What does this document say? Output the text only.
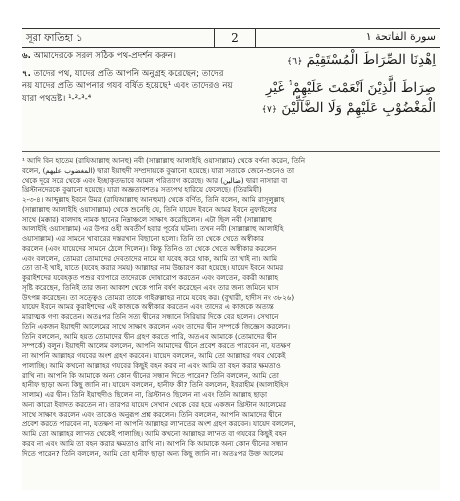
সূরা ফাতিহা ১	2	سورة الفاتحة ١

৬. আমাদেরকে সরল সঠিক পথ-প্রদর্শন করুন।

৭. তাদের পথ, যাদের প্রতি আপনি অনুগ্রহ করেছেন; তাদের নয় যাদের প্রতি আপনার গযব বর্ষিত হয়েছে¹ এবং তাদেরও নয় যারা পথভ্রষ্ট। ¹-²-³-⁴

اِهْدِنَا الصِّرَاطَ الْمُسْتَقِيْمَ ﴿٦﴾

صِرَاطَ الَّذِيْنَ اَنْعَمْتَ عَلَيْهِمْ ۙ۬ غَيْرِ الْمَغْضُوْبِ عَلَيْهِمْ وَلَا الضَّآلِّيْنَ ﴿٧﴾

¹ আদি বিন হাতেম (রাযিআল্লাহু আনহু) নবী (সাল্লাল্লাহু আলাইহি ওয়াসাল্লাম) থেকে বর্ণনা করেন, তিনি

বলেন, (المغضوب عليهم) দ্বারা ইয়াহুদী সম্প্রদায়কে বুঝানো হয়েছে। যারা সত্যকে জেনে-শুনেও তা

থেকে দূরে সরে থেকে এবং ইচ্ছাকৃতভাবে আমল পরিত্যাগ করেছে। আর (ضالين) দ্বারা নাসারা বা

খ্রিস্টানদেরকে বুঝানো হয়েছে। যারা অজ্ঞতাবশতঃ সত্যপথ হারিয়ে ফেলেছে। (তিরমিযী)

২-৩-৪। আব্দুল্লাহ ইবনে উমর (রাযিআল্লাহু আনহুমা) থেকে বর্ণিত, তিনি বলেন, আমি রাসূলুল্লাহ

(সাল্লাল্লাহু আলাইহি ওয়াসাল্লাম) থেকে শুনেছি যে, তিনি যায়েদ ইবনে আমর ইবনে নুফাইলের

সাথে (মক্কার) বালদাহ নামক স্থানের নিম্নাঞ্চলে সাক্ষাৎ করেছিলেন। এটা ছিল নবী (সাল্লাল্লাহু

আলাইহি ওয়াসাল্লাম) এর উপর ওহী অবতীর্ণ হবার পূর্বের ঘটনা। তখন নবী (সাল্লাল্লাহু আলাইহি

ওয়াসাল্লাম) এর সামনে খাবারের দস্তরখান বিছানো হলো। তিনি তা থেকে খেতে অস্বীকার

করলেন (এবং যায়েদের সামনে ঠেলে দিলেন)। কিন্তু তিনিও তা থেকে খেতে অস্বীকার করলেন

এবং বললেন, তোমরা তোমাদের দেবতাদের নামে যা যবেহ করে থাক, আমি তা খাই না। আমি

তো তা-ই খাই, যাতে (যবেহ করার সময়) আল্লাহর নাম উচ্চারণ করা হয়েছে। যায়েদ ইবনে আমর

কুরাইশদের যবেহকৃত পশুর ব্যাপারে তাদেরকে দোষারোপ করতেন এবং বলতেন, বকরী আল্লাহ

সৃষ্টি করেছেন, তিনিই তার জন্য আকাশ থেকে পানি বর্ষণ করেছেন এবং তার জন্য জমিনে ঘাস

উৎপন্ন করেছেন। তা সত্ত্বেও তোমরা তাকে গাইরুল্লাহর নামে যবেহ কর। (বুখারী, হাদীস নং ৩৮২৬)

যায়েদ ইবনে আমর কুরাইশদের এই কাজকে অস্বীকার করতেন এবং তাদের এ কাজকে অত্যন্ত

মারাত্মক গণ্য করতেন। অতঃপর তিনি সত্য দ্বীনের সন্ধানে সিরিয়ার দিকে বের হলেন। সেখানে

তিনি একজন ইয়াহুদী আলেমের সাথে সাক্ষাৎ করলেন এবং তাদের দ্বীন সম্পর্কে জিজ্ঞেস করলেন।

তিনি বললেন, আমি হয়ত তোমাদের দ্বীন গ্রহণ করতে পারি, অতএব আমাকে (তোমাদের দ্বীন

সম্পর্কে) বলুন। ইয়াহুদী আলেম বললেন, আপনি আমাদের দ্বীনে প্রবেশ করতে পারবেন না, যতক্ষণ

না আপনি আল্লাহর গযবের অংশ গ্রহণ করবেন। যায়েদ বললেন, আমি তো আল্লাহর গযব থেকেই

পালাচ্ছি। আমি কখনো আল্লাহর গযবের কিছুই বহন করব না এবং আমি তা বহন করার ক্ষমতাও

রাখি না। আপনি কি আমাকে অন্য কোন দ্বীনের সন্ধান দিতে পারেন? তিনি বললেন, আমি তো

হানীফ ছাড়া অন্য কিছু জানি না। যায়েদ বললেন, হানীফ কী? তিনি বললেন, ইবরাহীম (আলাইহিস

সালাম) এর দ্বীন। তিনি ইয়াহুদীও ছিলেন না, খ্রিস্টানও ছিলেন না এবং তিনি আল্লাহ ছাড়া

অন্য কারো ইবাদত করতেন না। তারপর যায়েদ সেখান থেকে বের হয়ে একজন খ্রিস্টান আলেমের

সাথে সাক্ষাৎ করলেন এবং তাকেও অনুরূপ প্রশ্ন করলেন। তিনি বললেন, আপনি আমাদের দ্বীনে

প্রবেশ করতে পারবেন না, যতক্ষণ না আপনি আল্লাহর লা'নতের অংশ গ্রহণ করবেন। যায়েদ বললেন,

আমি তো আল্লাহর লা'নত থেকেই পালাচ্ছি। আমি কখনো আল্লাহর লা'নত বা গযবের কিছুই বহন

করব না এবং আমি তা বহন করার ক্ষমতাও রাখি না। আপনি কি আমাকে অন্য কোন দ্বীনের সন্ধান

দিতে পারেন? তিনি বললেন, আমি তো হানীফ ছাড়া অন্য কিছু জানি না। অতঃপর উক্ত আলেম
